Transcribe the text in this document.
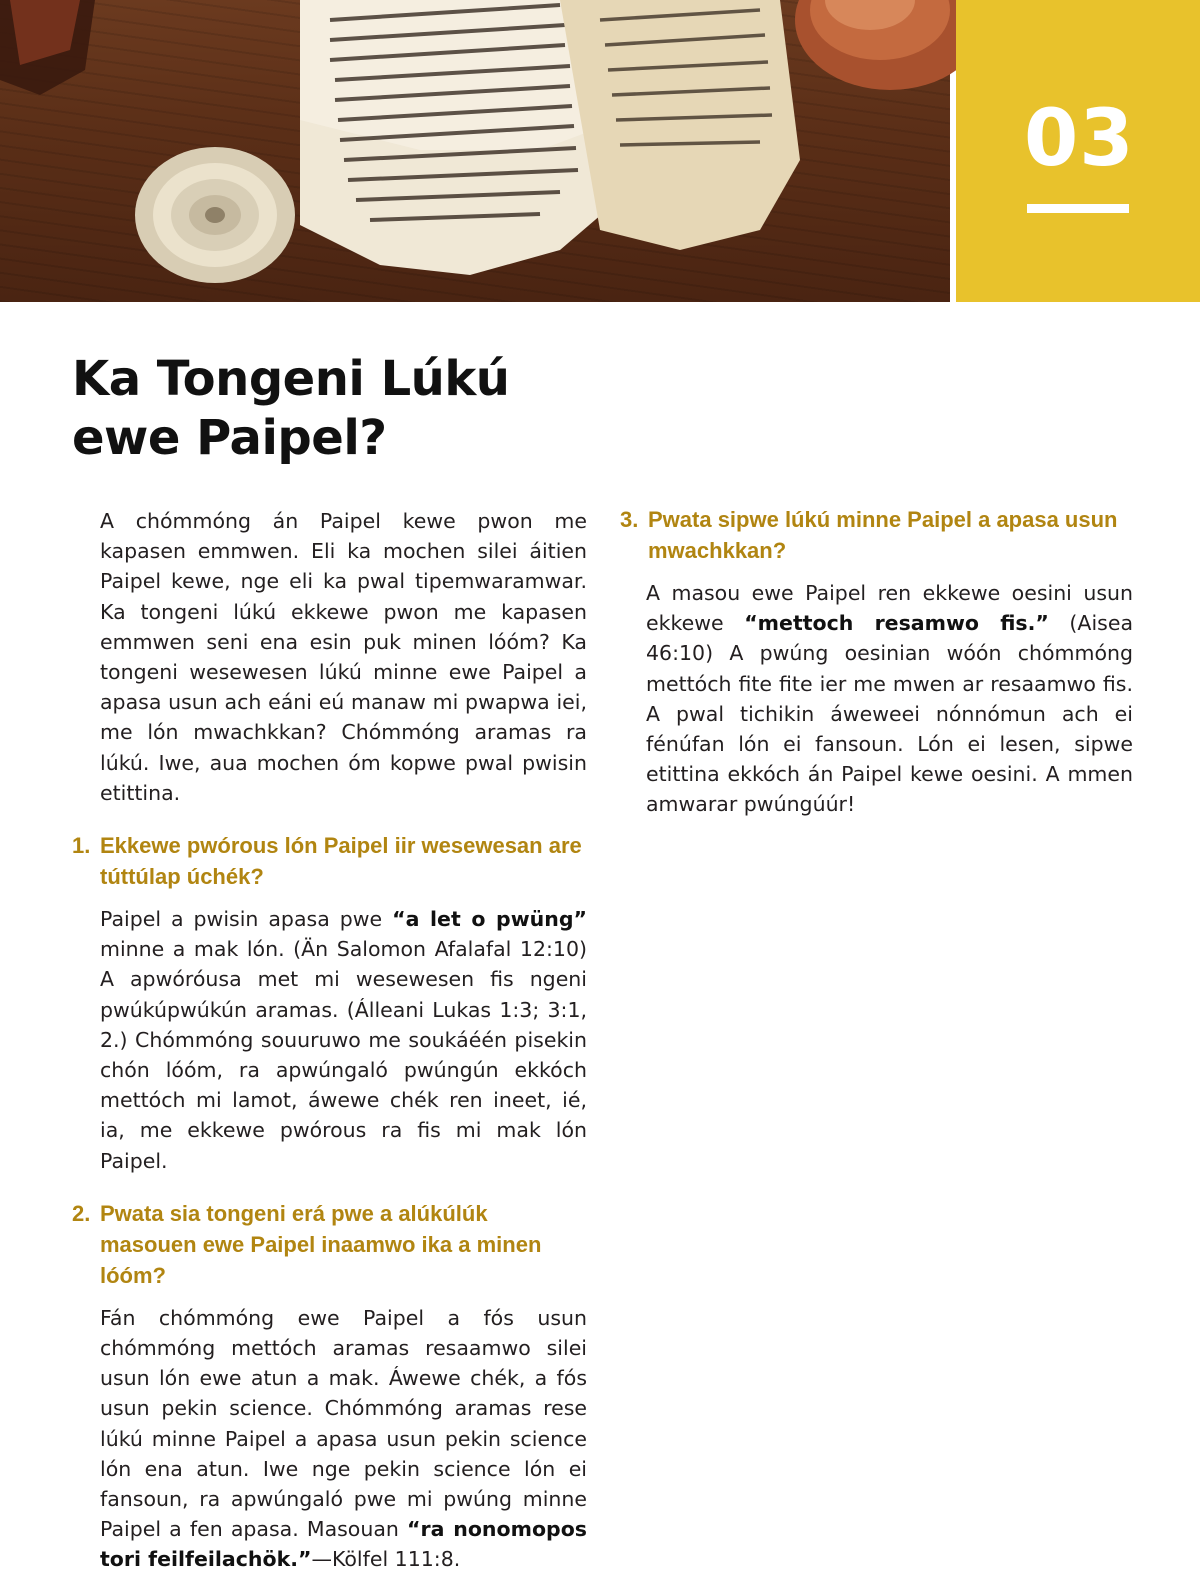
03
Ka Tongeni Lúkú
ewe Paipel?

A chómmóng án Paipel kewe pwon me kapasen emmwen. Eli ka mochen silei áitien Paipel kewe, nge eli ka pwal tipemwaramwar. Ka tongeni lúkú ekkewe pwon me kapasen emmwen seni ena esin puk minen lóóm? Ka tongeni wesewesen lúkú minne ewe Paipel a apasa usun ach eáni eú manaw mi pwapwa iei, me lón mwachkkan? Chómmóng aramas ra lúkú. Iwe, aua mochen óm kopwe pwal pwisin etittina.

1. Ekkewe pwórous lón Paipel iir wesewesan are túttúlap úchék?

Paipel a pwisin apasa pwe “a let o pwüng” minne a mak lón. (Än Salomon Afalafal 12:10) A apwóróusa met mi wesewesen fis ngeni pwúkúpwúkún aramas. (Álleani Lukas 1:3; 3:1, 2.) Chómmóng souuruwo me soukáéén pisekin chón lóóm, ra apwúngaló pwúngún ekkóch mettóch mi lamot, áwewe chék ren ineet, ié, ia, me ekkewe pwórous ra fis mi mak lón Paipel.

2. Pwata sia tongeni erá pwe a alúkúlúk masouen ewe Paipel inaamwo ika a minen lóóm?

Fán chómmóng ewe Paipel a fós usun chómmóng mettóch aramas resaamwo silei usun lón ewe atun a mak. Áwewe chék, a fós usun pekin science. Chómmóng aramas rese lúkú minne Paipel a apasa usun pekin science lón ena atun. Iwe nge pekin science lón ei fansoun, ra apwúngaló pwe mi pwúng minne Paipel a fen apasa. Masouan “ra nonomopos tori feilfeilachök.”—Kölfel 111:8.

3. Pwata sipwe lúkú minne Paipel a apasa usun mwachkkan?

A masou ewe Paipel ren ekkewe oesini usun ekkewe “mettoch resamwo fis.” (Aisea 46:10) A pwúng oesinian wóón chómmóng mettóch fite fite ier me mwen ar resaamwo fis. A pwal tichikin áweweei nónnómun ach ei fénúfan lón ei fansoun. Lón ei lesen, sipwe etittina ekkóch án Paipel kewe oesini. A mmen amwarar pwúngúúr!
